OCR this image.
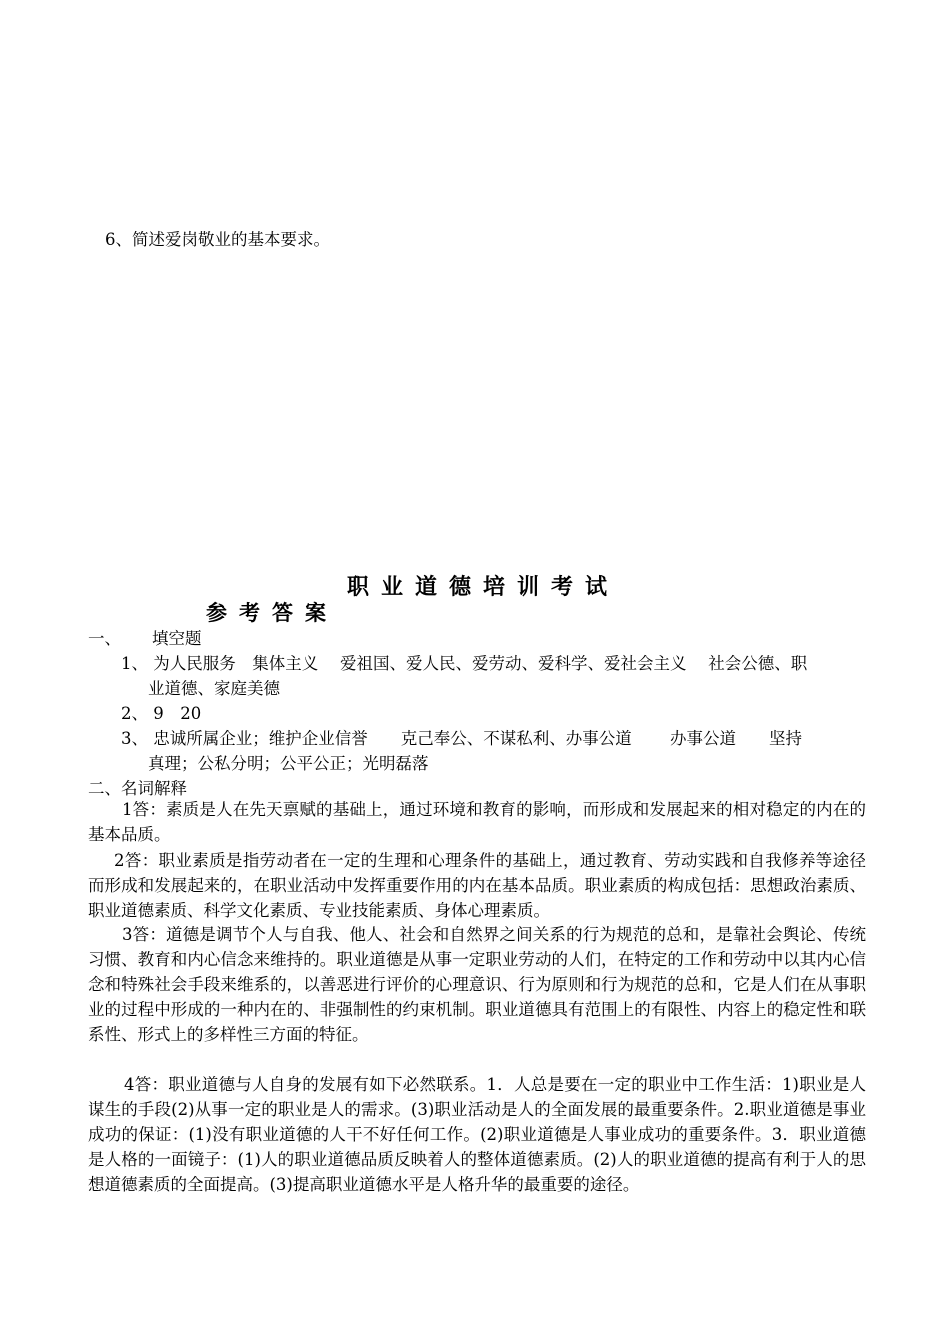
6、简述爱岗敬业的基本要求。
职业道德培训考试
参考答案
一、 填空题
1、 为人民服务　集体主义　 爱祖国、爱人民、爱劳动、爱科学、爱社会主义　 社会公德、职
业道德、家庭美德
2、 9　20
3、 忠诚所属企业；维护企业信誉　　克己奉公、不谋私利、办事公道　　 办事公道　　坚持
真理；公私分明；公平公正；光明磊落
二、名词解释
1答：素质是人在先天禀赋的基础上，通过环境和教育的影响，而形成和发展起来的相对稳定的内在的基本品质。
2答：职业素质是指劳动者在一定的生理和心理条件的基础上，通过教育、劳动实践和自我修养等途径而形成和发展起来的，在职业活动中发挥重要作用的内在基本品质。职业素质的构成包括：思想政治素质、职业道德素质、科学文化素质、专业技能素质、身体心理素质。
3答：道德是调节个人与自我、他人、社会和自然界之间关系的行为规范的总和，是靠社会舆论、传统习惯、教育和内心信念来维持的。职业道德是从事一定职业劳动的人们，在特定的工作和劳动中以其内心信念和特殊社会手段来维系的，以善恶进行评价的心理意识、行为原则和行为规范的总和，它是人们在从事职业的过程中形成的一种内在的、非强制性的约束机制。职业道德具有范围上的有限性、内容上的稳定性和联系性、形式上的多样性三方面的特征。
4答：职业道德与人自身的发展有如下必然联系。1．人总是要在一定的职业中工作生活：1)职业是人谋生的手段(2)从事一定的职业是人的需求。(3)职业活动是人的全面发展的最重要条件。2.职业道德是事业成功的保证：(1)没有职业道德的人干不好任何工作。(2)职业道德是人事业成功的重要条件。3．职业道德是人格的一面镜子：(1)人的职业道德品质反映着人的整体道德素质。(2)人的职业道德的提高有利于人的思想道德素质的全面提高。(3)提高职业道德水平是人格升华的最重要的途径。
